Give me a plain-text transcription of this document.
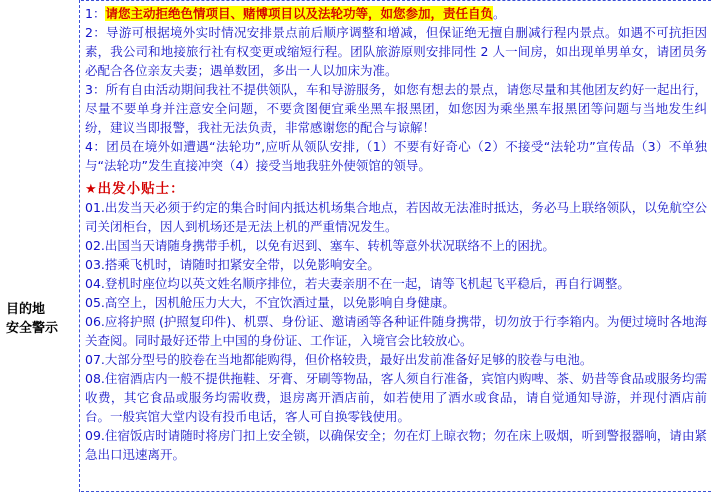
目的地
安全警示

1：请您主动拒绝色情项目、赌博项目以及法轮功等，如您参加，责任自负。

2：导游可根据境外实时情况安排景点前后顺序调整和增减，但保证绝无擅自删减行程内景点。如遇不可抗拒因素，我公司和地接旅行社有权变更或缩短行程。团队旅游原则安排同性 2 人一间房，如出现单男单女，请团员务必配合各位亲友夫妻；遇单数团，多出一人以加床为准。

3：所有自由活动期间我社不提供领队，车和导游服务，如您有想去的景点，请您尽量和其他团友约好一起出行，尽量不要单身并注意安全问题，不要贪图便宜乘坐黑车报黑团，如您因为乘坐黑车报黑团等问题与当地发生纠纷，建议当即报警，我社无法负责，非常感谢您的配合与谅解！

4：团员在境外如遭遇“法轮功”,应听从领队安排,（1）不要有好奇心（2）不接受“法轮功”宣传品（3）不单独与“法轮功”发生直接冲突（4）接受当地我驻外使领馆的领导。

★出发小贴士：

01.出发当天必须于约定的集合时间内抵达机场集合地点，若因故无法准时抵达，务必马上联络领队，以免航空公司关闭柜台，因人到机场还是无法上机的严重情况发生。

02.出国当天请随身携带手机，以免有迟到、塞车、转机等意外状况联络不上的困扰。

03.搭乘飞机时，请随时扣紧安全带，以免影响安全。

04.登机时座位均以英文姓名顺序排位，若夫妻亲朋不在一起，请等飞机起飞平稳后，再自行调整。

05.高空上，因机舱压力大大，不宜饮酒过量，以免影响自身健康。

06.应将护照 (护照复印件)、机票、身份证、邀请函等各种证件随身携带，切勿放于行李箱内。为便过境时各地海关查阅。同时最好还带上中国的身份证、工作证，入境官会比较放心。

07.大部分型号的胶卷在当地都能购得，但价格较贵，最好出发前准备好足够的胶卷与电池。

08.住宿酒店内一般不提供拖鞋、牙膏、牙刷等物品，客人须自行准备，宾馆内购啤、茶、奶昔等食品或服务均需收费，其它食品或服务均需收费，退房离开酒店前，如若使用了酒水或食品，请自觉通知导游，并现付酒店前台。一般宾馆大堂内设有投币电话，客人可自换零钱使用。

09.住宿饭店时请随时将房门扣上安全锁，以确保安全；勿在灯上晾衣物；勿在床上吸烟，听到警报器响，请由紧急出口迅速离开。
